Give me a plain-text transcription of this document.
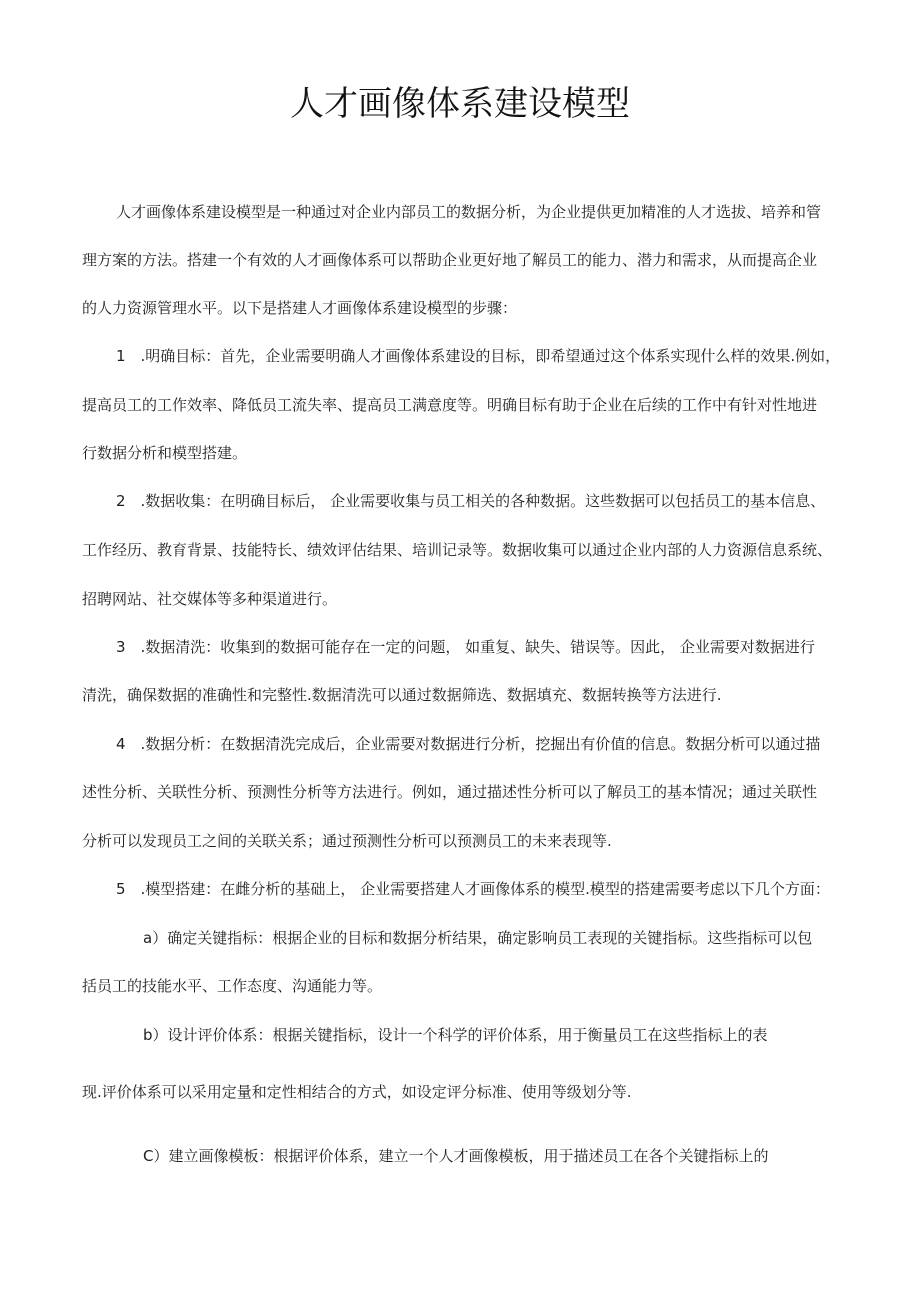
人才画像体系建设模型

人才画像体系建设模型是一种通过对企业内部员工的数据分析，为企业提供更加精准的人才选拔、培养和管

理方案的方法。搭建一个有效的人才画像体系可以帮助企业更好地了解员工的能力、潜力和需求，从而提高企业

的人力资源管理水平。以下是搭建人才画像体系建设模型的步骤：

1　.明确目标：首先，企业需要明确人才画像体系建设的目标，即希望通过这个体系实现什么样的效果.例如，

提高员工的工作效率、降低员工流失率、提高员工满意度等。明确目标有助于企业在后续的工作中有针对性地进

行数据分析和模型搭建。

2　.数据收集：在明确目标后， 企业需要收集与员工相关的各种数据。这些数据可以包括员工的基本信息、

工作经历、教育背景、技能特长、绩效评估结果、培训记录等。数据收集可以通过企业内部的人力资源信息系统、

招聘网站、社交媒体等多种渠道进行。

3　.数据清洗：收集到的数据可能存在一定的问题， 如重复、缺失、错误等。因此， 企业需要对数据进行

清洗，确保数据的准确性和完整性.数据清洗可以通过数据筛选、数据填充、数据转换等方法进行.

4　.数据分析：在数据清洗完成后，企业需要对数据进行分析，挖掘出有价值的信息。数据分析可以通过描

述性分析、关联性分析、预测性分析等方法进行。例如，通过描述性分析可以了解员工的基本情况；通过关联性

分析可以发现员工之间的关联关系；通过预测性分析可以预测员工的未来表现等.

5　.模型搭建：在雌分析的基础上， 企业需要搭建人才画像体系的模型.模型的搭建需要考虑以下几个方面：

a）确定关键指标：根据企业的目标和数据分析结果，确定影响员工表现的关键指标。这些指标可以包

括员工的技能水平、工作态度、沟通能力等。

b）设计评价体系：根据关键指标，设计一个科学的评价体系，用于衡量员工在这些指标上的表

现.评价体系可以采用定量和定性相结合的方式，如设定评分标准、使用等级划分等.

C）建立画像模板：根据评价体系，建立一个人才画像模板，用于描述员工在各个关键指标上的
